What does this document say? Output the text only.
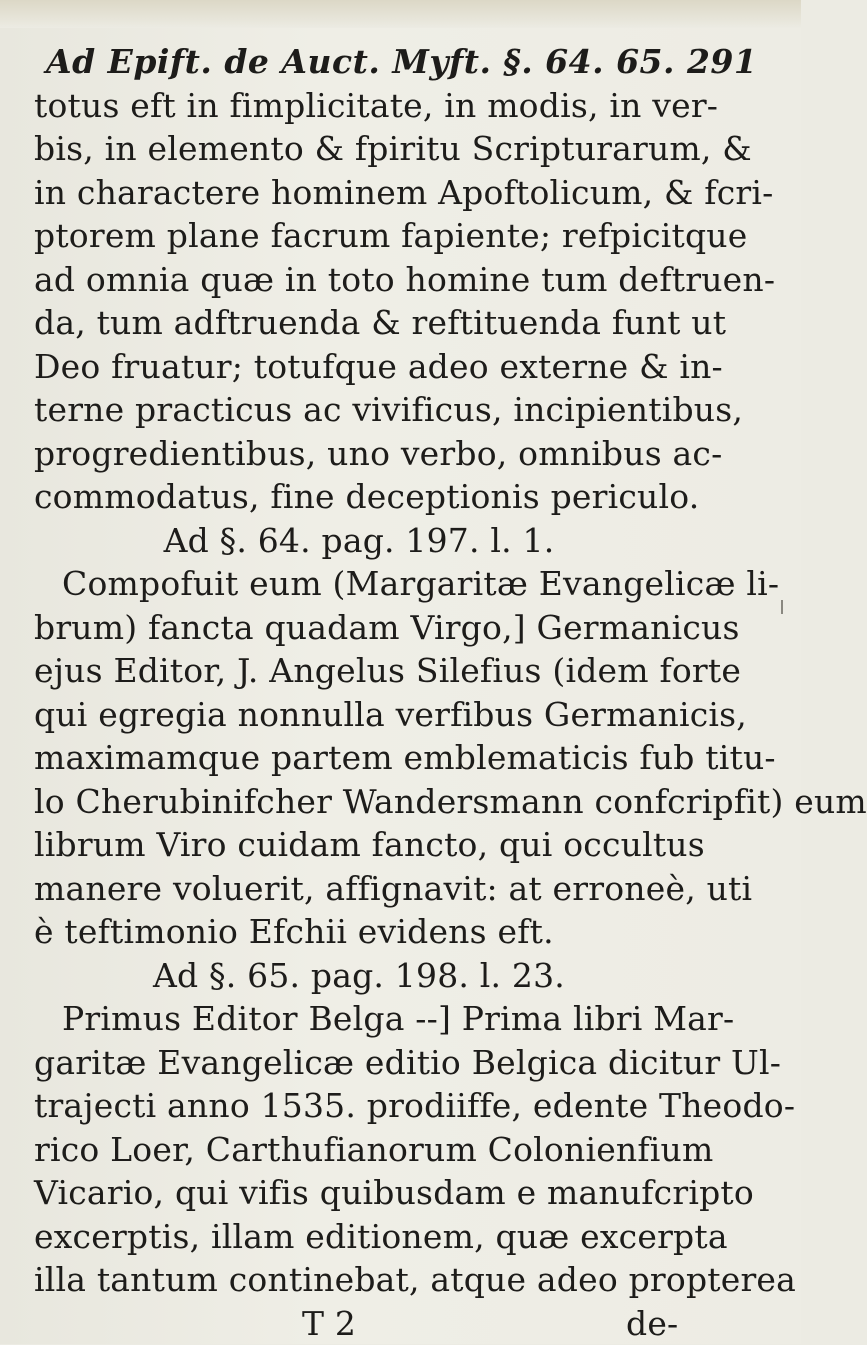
Ad Epift. de Auct. Myft. §. 64. 65. 291
totus eft in fimplicitate, in modis, in ver-
bis, in elemento & fpiritu Scripturarum, &
in charactere hominem Apoftolicum, & fcri-
ptorem plane facrum fapiente; refpicitque
ad omnia quæ in toto homine tum deftruen-
da, tum adftruenda & reftituenda funt ut
Deo fruatur; totufque adeo externe & in-
terne practicus ac vivificus, incipientibus,
progredientibus, uno verbo, omnibus ac-
commodatus, fine deceptionis periculo.
Ad §. 64. pag. 197. l. 1.
Compofuit eum (Margaritæ Evangelicæ li-
brum) fancta quadam Virgo,] Germanicus
ejus Editor, J. Angelus Silefius (idem forte
qui egregia nonnulla verfibus Germanicis,
maximamque partem emblematicis fub titu-
lo Cherubinifcher Wandersmann confcripfit) eum
librum Viro cuidam fancto, qui occultus
manere voluerit, affignavit: at erroneè, uti
è teftimonio Efchii evidens eft.
Ad §. 65. pag. 198. l. 23.
Primus Editor Belga --] Prima libri Mar-
garitæ Evangelicæ editio Belgica dicitur Ul-
trajecti anno 1535. prodiiffe, edente Theodo-
rico Loer, Carthufianorum Colonienfium
Vicario, qui vifis quibusdam e manufcripto
excerptis, illam editionem, quæ excerpta
illa tantum continebat, atque adeo propterea
T 2	de-
